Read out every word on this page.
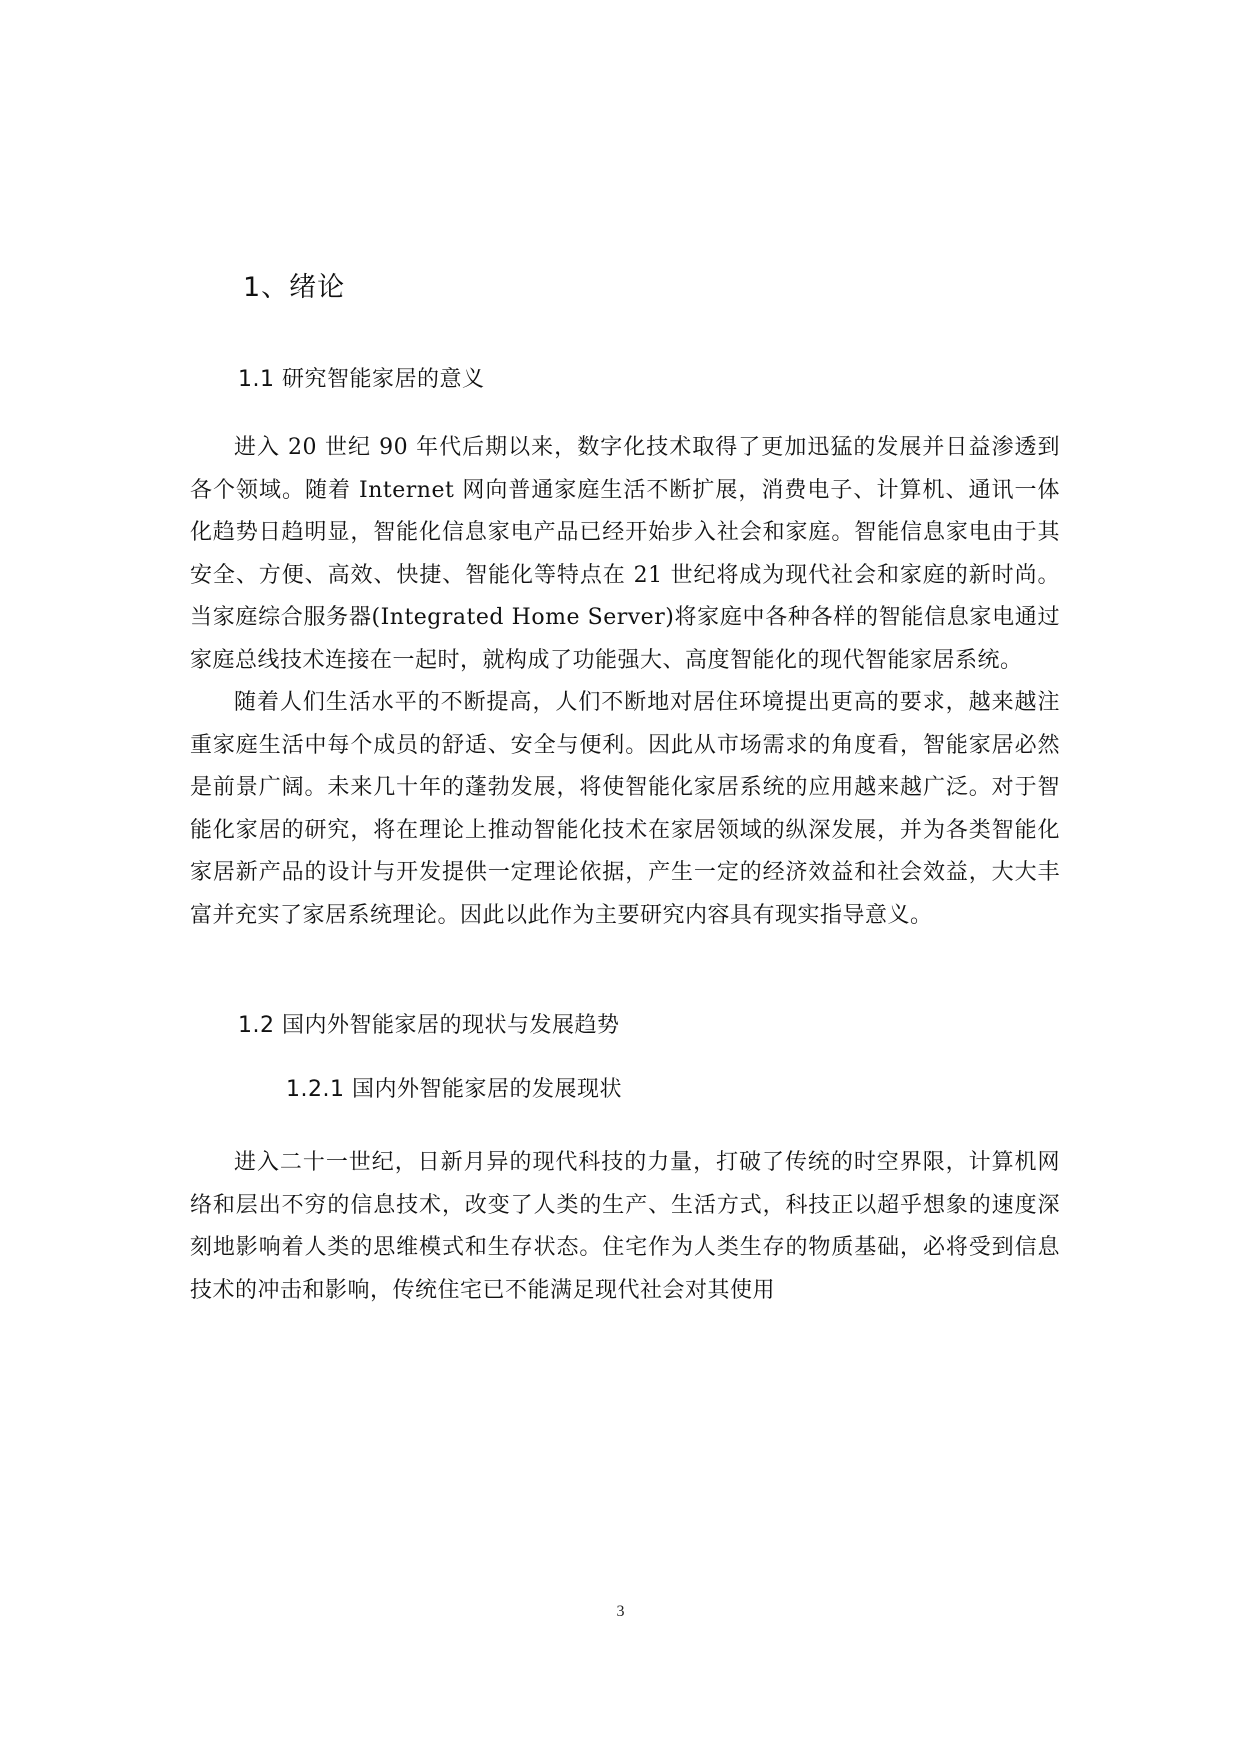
1、绪论
1.1 研究智能家居的意义

进入 20 世纪 90 年代后期以来，数字化技术取得了更加迅猛的发展并日益渗透到各个领域。随着 Internet 网向普通家庭生活不断扩展，消费电子、计算机、通讯一体化趋势日趋明显，智能化信息家电产品已经开始步入社会和家庭。智能信息家电由于其安全、方便、高效、快捷、智能化等特点在 21 世纪将成为现代社会和家庭的新时尚。当家庭综合服务器(Integrated Home Server)将家庭中各种各样的智能信息家电通过家庭总线技术连接在一起时，就构成了功能强大、高度智能化的现代智能家居系统。

随着人们生活水平的不断提高，人们不断地对居住环境提出更高的要求，越来越注重家庭生活中每个成员的舒适、安全与便利。因此从市场需求的角度看，智能家居必然是前景广阔。未来几十年的蓬勃发展，将使智能化家居系统的应用越来越广泛。对于智能化家居的研究，将在理论上推动智能化技术在家居领域的纵深发展，并为各类智能化家居新产品的设计与开发提供一定理论依据，产生一定的经济效益和社会效益，大大丰富并充实了家居系统理论。因此以此作为主要研究内容具有现实指导意义。

1.2 国内外智能家居的现状与发展趋势
1.2.1 国内外智能家居的发展现状

进入二十一世纪，日新月异的现代科技的力量，打破了传统的时空界限，计算机网络和层出不穷的信息技术，改变了人类的生产、生活方式，科技正以超乎想象的速度深刻地影响着人类的思维模式和生存状态。住宅作为人类生存的物质基础，必将受到信息技术的冲击和影响，传统住宅已不能满足现代社会对其使用

3
